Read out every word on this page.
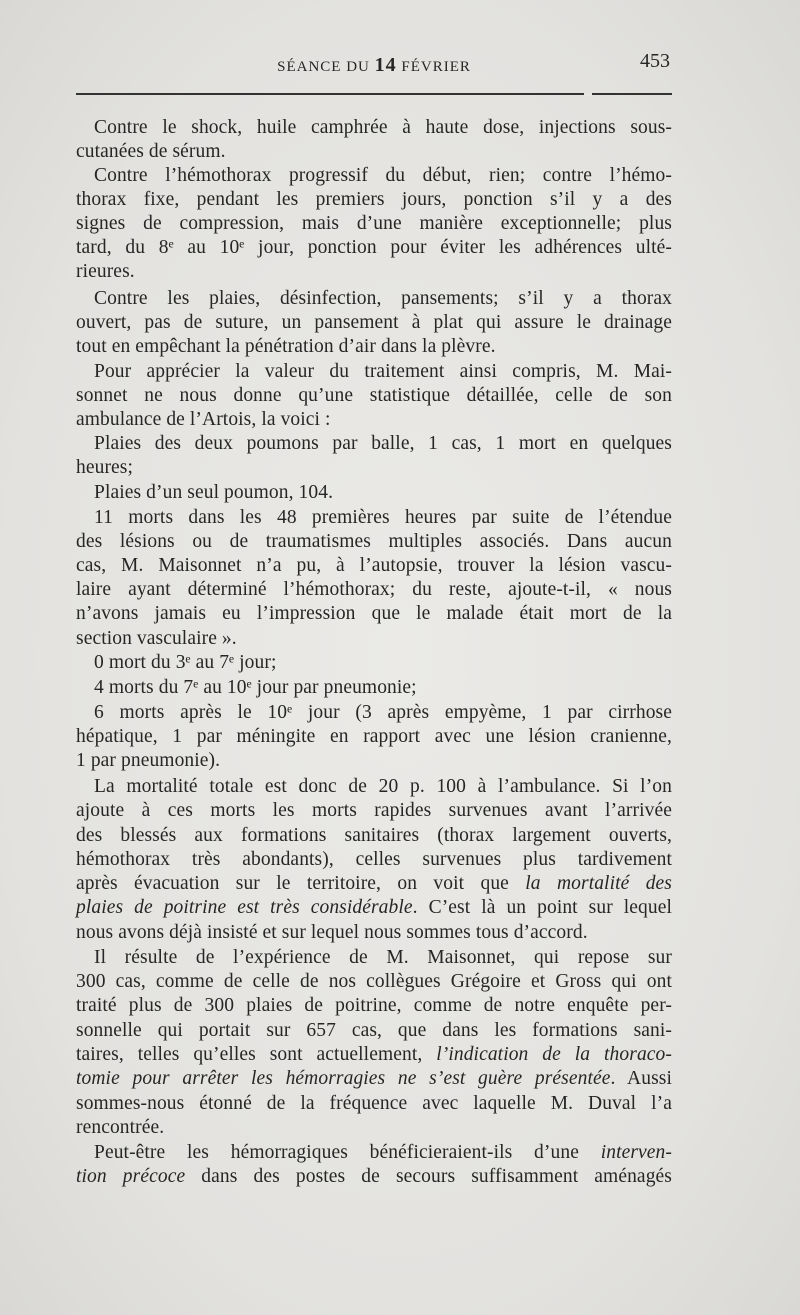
SÉANCE DU 14 FÉVRIER	453
Contre le shock, huile camphrée à haute dose, injections sous-
cutanées de sérum.
Contre l’hémothorax progressif du début, rien; contre l’hémo-
thorax fixe, pendant les premiers jours, ponction s’il y a des
signes de compression, mais d’une manière exceptionnelle; plus
tard, du 8ᵉ au 10ᵉ jour, ponction pour éviter les adhérences ulté-
rieures.
Contre les plaies, désinfection, pansements; s’il y a thorax
ouvert, pas de suture, un pansement à plat qui assure le drainage
tout en empêchant la pénétration d’air dans la plèvre.
Pour apprécier la valeur du traitement ainsi compris, M. Mai-
sonnet ne nous donne qu’une statistique détaillée, celle de son
ambulance de l’Artois, la voici :
Plaies des deux poumons par balle, 1 cas, 1 mort en quelques
heures;
Plaies d’un seul poumon, 104.
11 morts dans les 48 premières heures par suite de l’étendue
des lésions ou de traumatismes multiples associés. Dans aucun
cas, M. Maisonnet n’a pu, à l’autopsie, trouver la lésion vascu-
laire ayant déterminé l’hémothorax; du reste, ajoute-t-il, « nous
n’avons jamais eu l’impression que le malade était mort de la
section vasculaire ».
0 mort du 3ᵉ au 7ᵉ jour;
4 morts du 7ᵉ au 10ᵉ jour par pneumonie;
6 morts après le 10ᵉ jour (3 après empyème, 1 par cirrhose
hépatique, 1 par méningite en rapport avec une lésion cranienne,
1 par pneumonie).
La mortalité totale est donc de 20 p. 100 à l’ambulance. Si l’on
ajoute à ces morts les morts rapides survenues avant l’arrivée
des blessés aux formations sanitaires (thorax largement ouverts,
hémothorax très abondants), celles survenues plus tardivement
après évacuation sur le territoire, on voit que la mortalité des
plaies de poitrine est très considérable. C’est là un point sur lequel
nous avons déjà insisté et sur lequel nous sommes tous d’accord.
Il résulte de l’expérience de M. Maisonnet, qui repose sur
300 cas, comme de celle de nos collègues Grégoire et Gross qui ont
traité plus de 300 plaies de poitrine, comme de notre enquête per-
sonnelle qui portait sur 657 cas, que dans les formations sani-
taires, telles qu’elles sont actuellement, l’indication de la thoraco-
tomie pour arrêter les hémorragies ne s’est guère présentée. Aussi
sommes-nous étonné de la fréquence avec laquelle M. Duval l’a
rencontrée.
Peut-être les hémorragiques bénéficieraient-ils d’une interven-
tion précoce dans des postes de secours suffisamment aménagés
